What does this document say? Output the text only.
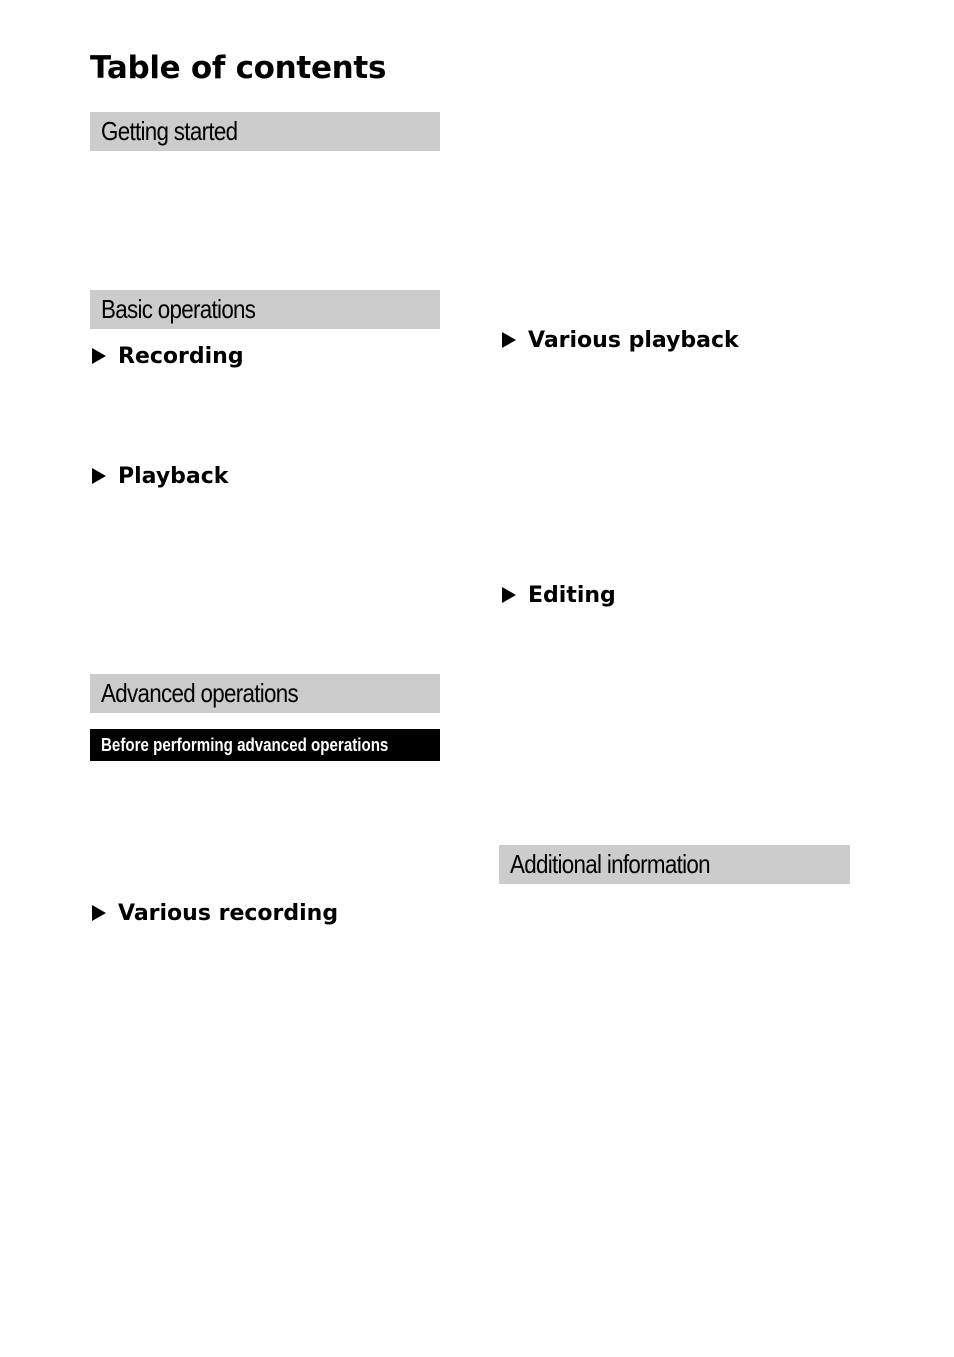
Table of contents
Getting started
Basic operations
Recording
Playback
Advanced operations
Before performing advanced operations
Various recording
Various playback
Editing
Additional information
